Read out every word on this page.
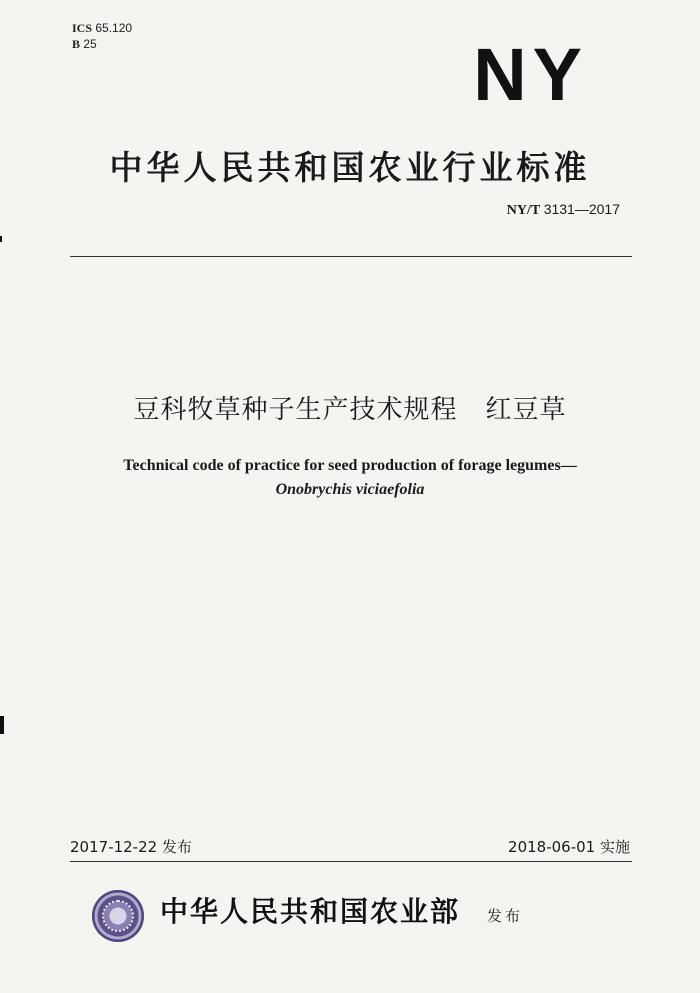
ICS 65.120
B 25	NY
中华人民共和国农业行业标准
NY/T 3131—2017
豆科牧草种子生产技术规程 红豆草
Technical code of practice for seed production of forage legumes—
Onobrychis viciaefolia
2017-12-22 发布	2018-06-01 实施
中华人民共和国农业部 发布
